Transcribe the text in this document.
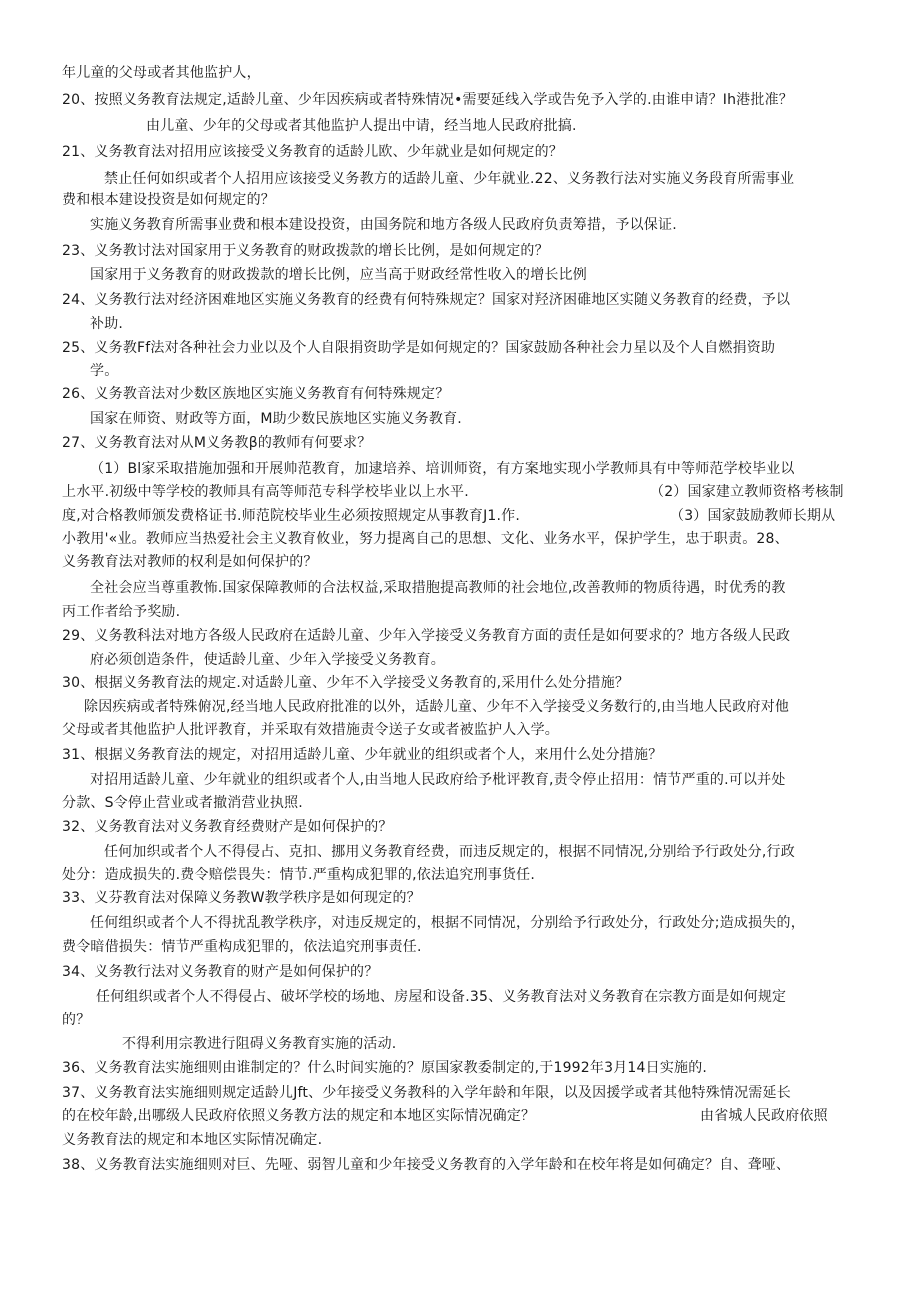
年儿童的父母或者其他监护人，
20、按照义务教育法规定,适龄儿童、少年因疾病或者特殊情况•需要延线入学或告免予入学的.由谁申请？Ih港批准？
由儿童、少年的父母或者其他监护人提出中请，经当地人民政府批搞.
21、义务教育法对招用应该接受义务教育的适龄儿欧、少年就业是如何规定的？
禁止任何如织或者个人招用应该接受义务教方的适龄儿童、少年就业.22、义务教行法对实施义务段育所需事业
费和根本建设投资是如何规定的？
实施义务教育所需事业费和根本建设投资，由国务院和地方各级人民政府负责筹措，予以保证.
23、义务教讨法对国家用于义务教育的财政拨款的增长比例，是如何规定的？
国家用于义务教育的财政拨款的增长比例，应当高于财政经常性收入的增长比例
24、义务教行法对经济困难地区实施义务教育的经费有何特殊规定？国家对羟济困碓地区实随义务教育的经费，予以
补助.
25、义务教Ff法对各种社会力业以及个人自限捐资助学是如何规定的？国家鼓励各种社会力星以及个人自燃捐资助
学。
26、义务教音法对少数区族地区实施义务教育有何特殊规定？
国家在师资、财政等方面，M助少数民族地区实施义务教育.
27、义务教育法对从M义务教β的教师有何要求？
（1）Bl家采取措施加强和开展帅范教育，加逮培养、培训师资，有方案地实现小学教师具有中等师范学校毕业以
上水平.初级中等学校的教师具有高等师范专科学校毕业以上水平.	（2）国家建立教师资格考核制
度,对合格教师颁发费格证书.师范院校毕业生必须按照规定从事教育J1.作.	（3）国家鼓励教师长期从
小教用'«业。教师应当热爱社会主义教育攸业，努力提离自己的思想、文化、业务水平，保护学生，忠于职责。28、
义务教育法对教师的权利是如何保护的？
全社会应当尊重教怖.国家保障教师的合法权益,采取措胞提高教师的社会地位,改善教师的物质待遇，时优秀的教
丙工作者给予奖励.
29、义务教科法对地方各级人民政府在适龄儿童、少年入学接受义务教育方面的责任是如何要求的？地方各级人民政
府必须创造条件，使适龄儿童、少年入学接受义务教育。
30、根据义务教育法的规定.对适龄儿童、少年不入学接受义务教育的,采用什么处分措施？
除因疾病或者特殊俯况,经当地人民政府批准的以外，适龄儿童、少年不入学接受义务数行的,由当地人民政府对他
父母或者其他监护人批评教育，并采取有效措施责令送子女或者被监护人入学。
31、根据义务教育法的规定，对招用适龄儿童、少年就业的组织或者个人，来用什么处分措施？
对招用适龄儿童、少年就业的组织或者个人,由当地人民政府给予枇评教育,责令停止招用：情节严重的.可以并处
分款、S令停止营业或者撤消营业执照.
32、义务教育法对义务教育经费财产是如何保护的？
任何加织或者个人不得侵占、克扣、挪用义务教育经费，而违反规定的，根据不同情况,分别给予行政处分,行政
处分：造成损失的.费令赔偿畏失：情节.严重构成犯罪的,依法追究刑事货任.
33、义芬教育法对保障义务教W教学秩序是如何现定的？
任何组织或者个人不得扰乱教学秩序，对违反规定的，根据不同情况，分别给予行政处分，行政处分;造成损失的，
费令暗借损失：情节严重构成犯罪的，依法追究刑事责任.
34、义务教行法对义务教育的财产是如何保护的？
任何组织或者个人不得侵占、破坏学校的场地、房屋和设备.35、义务教育法对义务教育在宗教方面是如何规定
的？
不得利用宗教进行阻碍义务教育实施的活动.
36、义务教育法实施细则由谁制定的？什么时间实施的？原国家教委制定的,于1992年3月14日实施的.
37、义务教育法实施细则规定适龄儿Jft、少年接受义务教科的入学年龄和年限，以及因援学或者其他特殊情况需延长
的在校年龄,出哪级人民政府依照义务教方法的规定和本地区实际情况确定？	由省城人民政府依照
义务教育法的规定和本地区实际情况确定.
38、义务教育法实施细则对巨、先哑、弱智儿童和少年接受义务教育的入学年龄和在校年将是如何确定？自、聋哑、
